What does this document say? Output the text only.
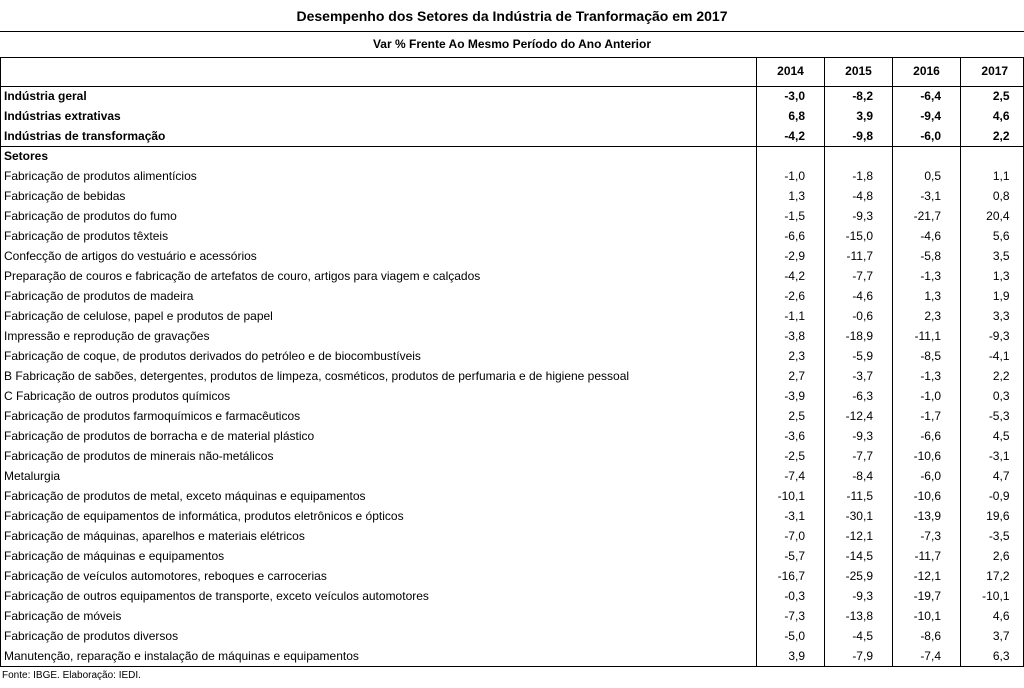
Desempenho dos Setores da Indústria de Tranformação em 2017
Var % Frente Ao Mesmo Período do Ano Anterior
	2014	2015	2016	2017
Indústria geral	-3,0	-8,2	-6,4	2,5
Indústrias extrativas	6,8	3,9	-9,4	4,6
Indústrias de transformação	-4,2	-9,8	-6,0	2,2
Setores				
Fabricação de produtos alimentícios	-1,0	-1,8	0,5	1,1
Fabricação de bebidas	1,3	-4,8	-3,1	0,8
Fabricação de produtos do fumo	-1,5	-9,3	-21,7	20,4
Fabricação de produtos têxteis	-6,6	-15,0	-4,6	5,6
Confecção de artigos do vestuário e acessórios	-2,9	-11,7	-5,8	3,5
Preparação de couros e fabricação de artefatos de couro, artigos para viagem e calçados	-4,2	-7,7	-1,3	1,3
Fabricação de produtos de madeira	-2,6	-4,6	1,3	1,9
Fabricação de celulose, papel e produtos de papel	-1,1	-0,6	2,3	3,3
Impressão e reprodução de gravações	-3,8	-18,9	-11,1	-9,3
Fabricação de coque, de produtos derivados do petróleo e de biocombustíveis	2,3	-5,9	-8,5	-4,1
B Fabricação de sabões, detergentes, produtos de limpeza, cosméticos, produtos de perfumaria e de higiene pessoal	2,7	-3,7	-1,3	2,2
C Fabricação de outros produtos químicos	-3,9	-6,3	-1,0	0,3
Fabricação de produtos farmoquímicos e farmacêuticos	2,5	-12,4	-1,7	-5,3
Fabricação de produtos de borracha e de material plástico	-3,6	-9,3	-6,6	4,5
Fabricação de produtos de minerais não-metálicos	-2,5	-7,7	-10,6	-3,1
Metalurgia	-7,4	-8,4	-6,0	4,7
Fabricação de produtos de metal, exceto máquinas e equipamentos	-10,1	-11,5	-10,6	-0,9
Fabricação de equipamentos de informática, produtos eletrônicos e ópticos	-3,1	-30,1	-13,9	19,6
Fabricação de máquinas, aparelhos e materiais elétricos	-7,0	-12,1	-7,3	-3,5
Fabricação de máquinas e equipamentos	-5,7	-14,5	-11,7	2,6
Fabricação de veículos automotores, reboques e carrocerias	-16,7	-25,9	-12,1	17,2
Fabricação de outros equipamentos de transporte, exceto veículos automotores	-0,3	-9,3	-19,7	-10,1
Fabricação de móveis	-7,3	-13,8	-10,1	4,6
Fabricação de produtos diversos	-5,0	-4,5	-8,6	3,7
Manutenção, reparação e instalação de máquinas e equipamentos	3,9	-7,9	-7,4	6,3
Fonte: IBGE. Elaboração: IEDI.
